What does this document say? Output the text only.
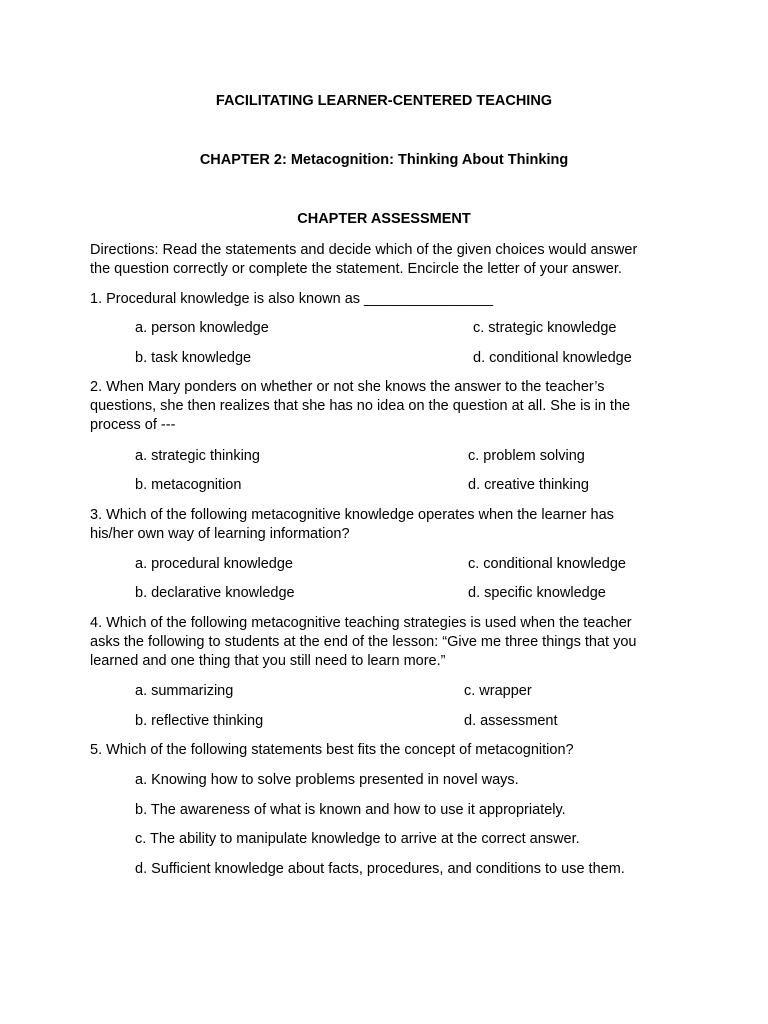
FACILITATING LEARNER-CENTERED TEACHING
CHAPTER 2: Metacognition: Thinking About Thinking
CHAPTER ASSESSMENT
Directions: Read the statements and decide which of the given choices would answer
the question correctly or complete the statement. Encircle the letter of your answer.
1. Procedural knowledge is also known as ________________
a. person knowledge	c. strategic knowledge
b. task knowledge	d. conditional knowledge
2. When Mary ponders on whether or not she knows the answer to the teacher’s
questions, she then realizes that she has no idea on the question at all. She is in the
process of ---
a. strategic thinking	c. problem solving
b. metacognition	d. creative thinking
3. Which of the following metacognitive knowledge operates when the learner has
his/her own way of learning information?
a. procedural knowledge	c. conditional knowledge
b. declarative knowledge	d. specific knowledge
4. Which of the following metacognitive teaching strategies is used when the teacher
asks the following to students at the end of the lesson: “Give me three things that you
learned and one thing that you still need to learn more.”
a. summarizing	c. wrapper
b. reflective thinking	d. assessment
5. Which of the following statements best fits the concept of metacognition?
a. Knowing how to solve problems presented in novel ways.
b. The awareness of what is known and how to use it appropriately.
c. The ability to manipulate knowledge to arrive at the correct answer.
d. Sufficient knowledge about facts, procedures, and conditions to use them.
